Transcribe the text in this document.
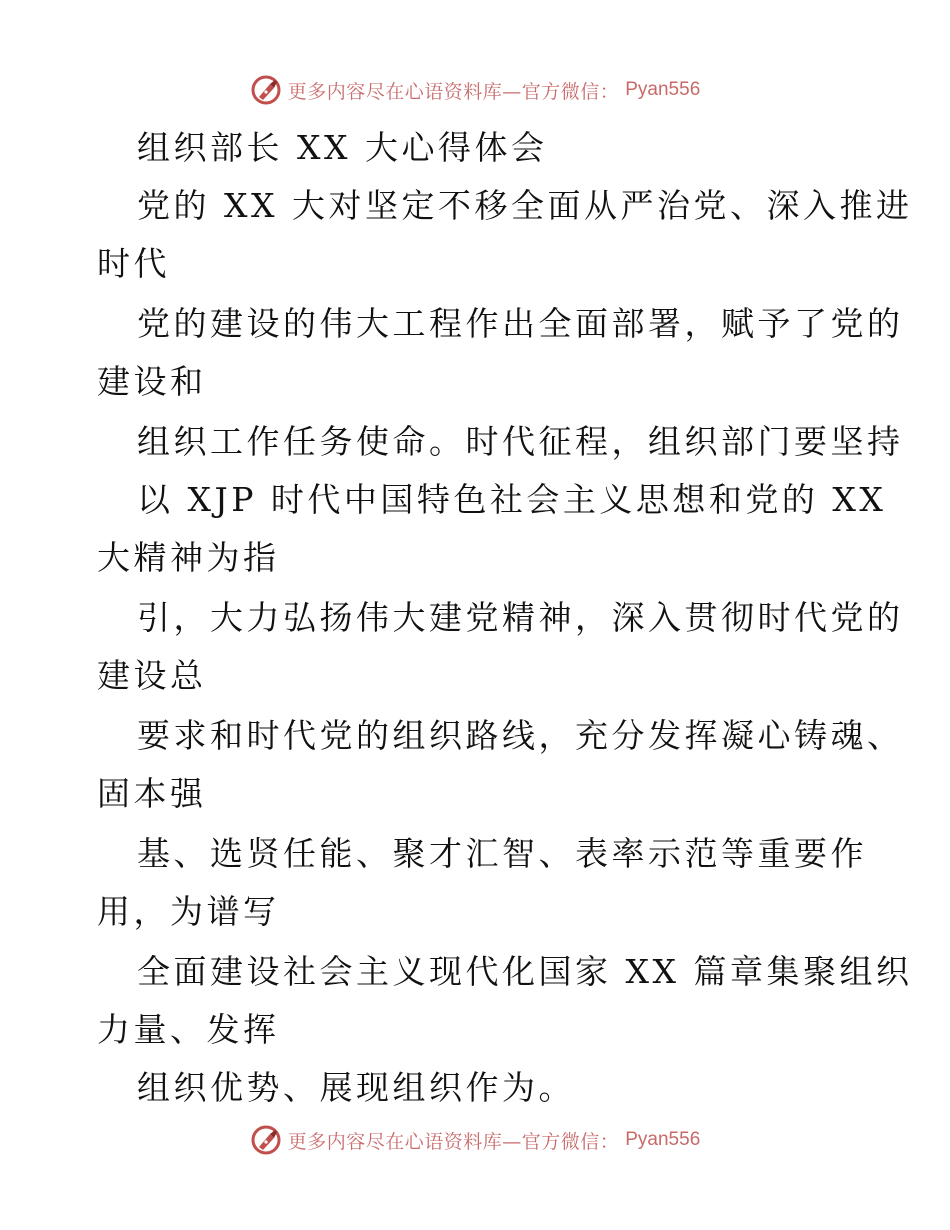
更多内容尽在心语资料库—官方微信： Pyan556
组织部长 XX 大心得体会
党的 XX 大对坚定不移全面从严治党、深入推进
时代
党的建设的伟大工程作出全面部署，赋予了党的
建设和
组织工作任务使命。时代征程，组织部门要坚持
以 XJP 时代中国特色社会主义思想和党的 XX
大精神为指
引，大力弘扬伟大建党精神，深入贯彻时代党的
建设总
要求和时代党的组织路线，充分发挥凝心铸魂、
固本强
基、选贤任能、聚才汇智、表率示范等重要作
用，为谱写
全面建设社会主义现代化国家 XX 篇章集聚组织
力量、发挥
组织优势、展现组织作为。
更多内容尽在心语资料库—官方微信： Pyan556
